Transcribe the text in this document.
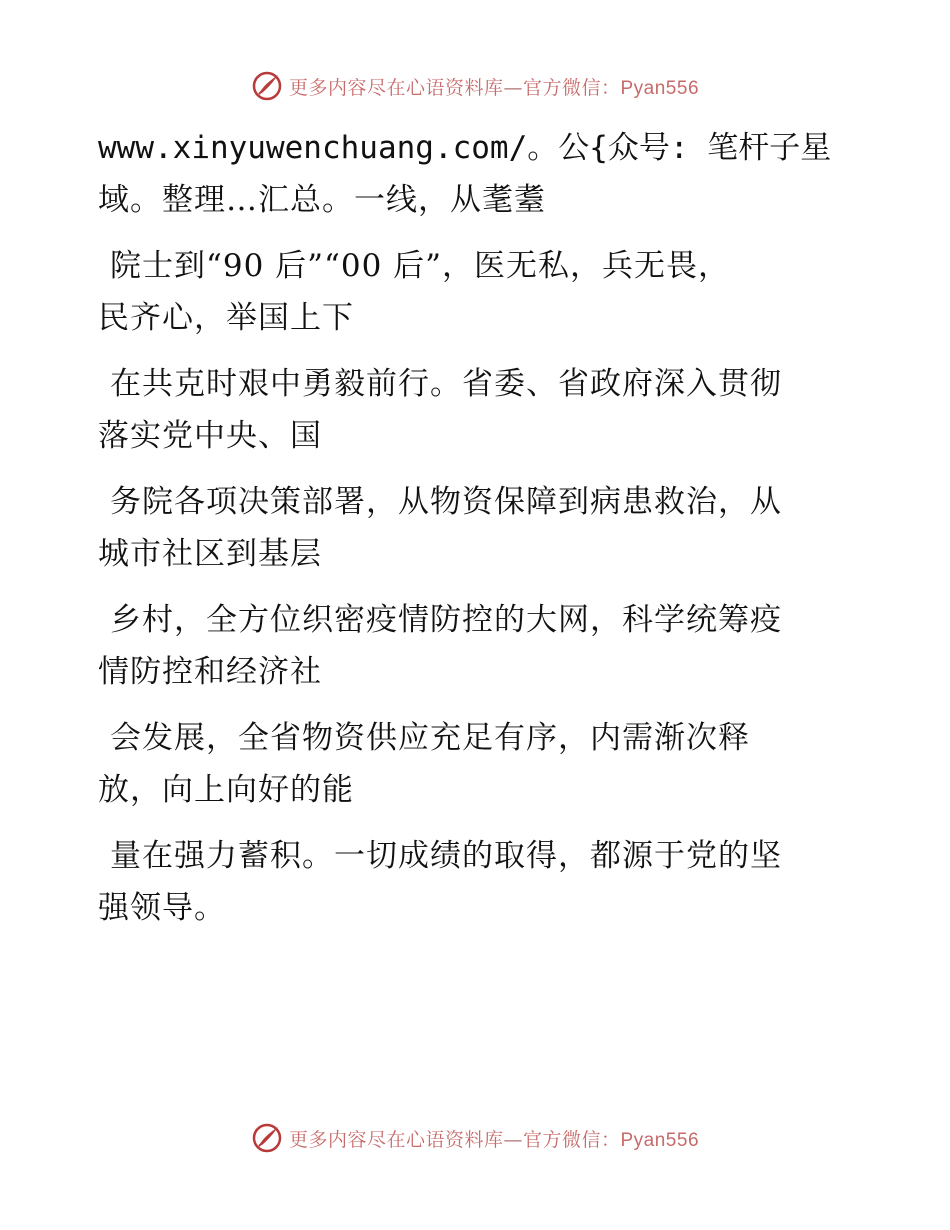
更多内容尽在心语资料库—官方微信：Pyan556
www.xinyuwenchuang.com/。公{众号: 笔杆子星
域。整理…汇总。一线，从耄耋
院士到“90 后”“00 后”，医无私，兵无畏，
民齐心，举国上下
在共克时艰中勇毅前行。省委、省政府深入贯彻
落实党中央、国
务院各项决策部署，从物资保障到病患救治，从
城市社区到基层
乡村，全方位织密疫情防控的大网，科学统筹疫
情防控和经济社
会发展，全省物资供应充足有序，内需渐次释
放，向上向好的能
量在强力蓄积。一切成绩的取得，都源于党的坚
强领导。
更多内容尽在心语资料库—官方微信：Pyan556
